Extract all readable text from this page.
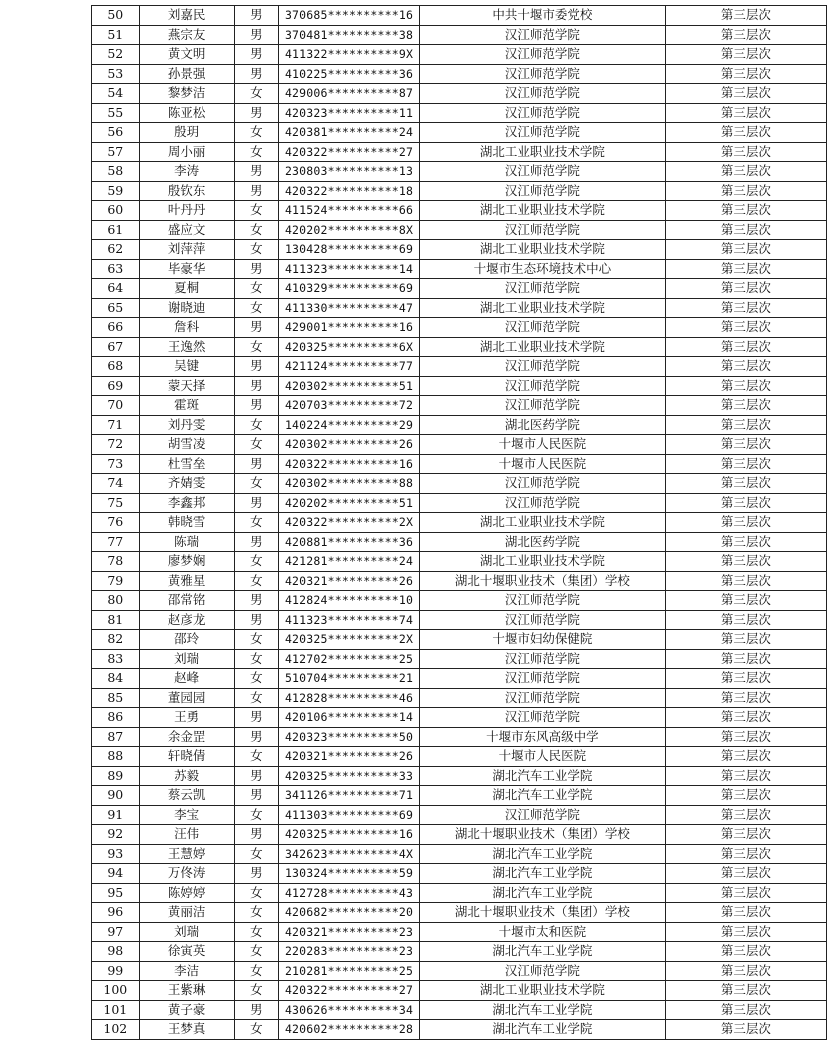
50	刘嘉民	男	370685**********16	中共十堰市委党校	第三层次
51	燕宗友	男	370481**********38	汉江师范学院	第三层次
52	黄文明	男	411322**********9X	汉江师范学院	第三层次
53	孙景强	男	410225**********36	汉江师范学院	第三层次
54	黎梦洁	女	429006**********87	汉江师范学院	第三层次
55	陈亚松	男	420323**********11	汉江师范学院	第三层次
56	殷玥	女	420381**********24	汉江师范学院	第三层次
57	周小丽	女	420322**********27	湖北工业职业技术学院	第三层次
58	李涛	男	230803**********13	汉江师范学院	第三层次
59	殷钦东	男	420322**********18	汉江师范学院	第三层次
60	叶丹丹	女	411524**********66	湖北工业职业技术学院	第三层次
61	盛应文	女	420202**********8X	汉江师范学院	第三层次
62	刘萍萍	女	130428**********69	湖北工业职业技术学院	第三层次
63	毕豪华	男	411323**********14	十堰市生态环境技术中心	第三层次
64	夏桐	女	410329**********69	汉江师范学院	第三层次
65	谢晓迪	女	411330**********47	湖北工业职业技术学院	第三层次
66	詹科	男	429001**********16	汉江师范学院	第三层次
67	王逸然	女	420325**********6X	湖北工业职业技术学院	第三层次
68	吴键	男	421124**********77	汉江师范学院	第三层次
69	蒙天择	男	420302**********51	汉江师范学院	第三层次
70	霍斑	男	420703**********72	汉江师范学院	第三层次
71	刘丹雯	女	140224**********29	湖北医药学院	第三层次
72	胡雪凌	女	420302**********26	十堰市人民医院	第三层次
73	杜雪垒	男	420322**********16	十堰市人民医院	第三层次
74	齐婧雯	女	420302**********88	汉江师范学院	第三层次
75	李鑫邦	男	420202**********51	汉江师范学院	第三层次
76	韩晓雪	女	420322**********2X	湖北工业职业技术学院	第三层次
77	陈瑞	男	420881**********36	湖北医药学院	第三层次
78	廖梦娴	女	421281**********24	湖北工业职业技术学院	第三层次
79	黄雅星	女	420321**********26	湖北十堰职业技术（集团）学校	第三层次
80	邵常铭	男	412824**********10	汉江师范学院	第三层次
81	赵彦龙	男	411323**********74	汉江师范学院	第三层次
82	邵玲	女	420325**********2X	十堰市妇幼保健院	第三层次
83	刘瑞	女	412702**********25	汉江师范学院	第三层次
84	赵峰	女	510704**********21	汉江师范学院	第三层次
85	董园园	女	412828**********46	汉江师范学院	第三层次
86	王勇	男	420106**********14	汉江师范学院	第三层次
87	余金罡	男	420323**********50	十堰市东风高级中学	第三层次
88	轩晓倩	女	420321**********26	十堰市人民医院	第三层次
89	苏毅	男	420325**********33	湖北汽车工业学院	第三层次
90	蔡云凯	男	341126**********71	湖北汽车工业学院	第三层次
91	李宝	女	411303**********69	汉江师范学院	第三层次
92	汪伟	男	420325**********16	湖北十堰职业技术（集团）学校	第三层次
93	王慧婷	女	342623**********4X	湖北汽车工业学院	第三层次
94	万佟涛	男	130324**********59	湖北汽车工业学院	第三层次
95	陈婷婷	女	412728**********43	湖北汽车工业学院	第三层次
96	黄丽洁	女	420682**********20	湖北十堰职业技术（集团）学校	第三层次
97	刘瑞	女	420321**********23	十堰市太和医院	第三层次
98	徐寅英	女	220283**********23	湖北汽车工业学院	第三层次
99	李洁	女	210281**********25	汉江师范学院	第三层次
100	王紫琳	女	420322**********27	湖北工业职业技术学院	第三层次
101	黄子豪	男	430626**********34	湖北汽车工业学院	第三层次
102	王梦真	女	420602**********28	湖北汽车工业学院	第三层次
